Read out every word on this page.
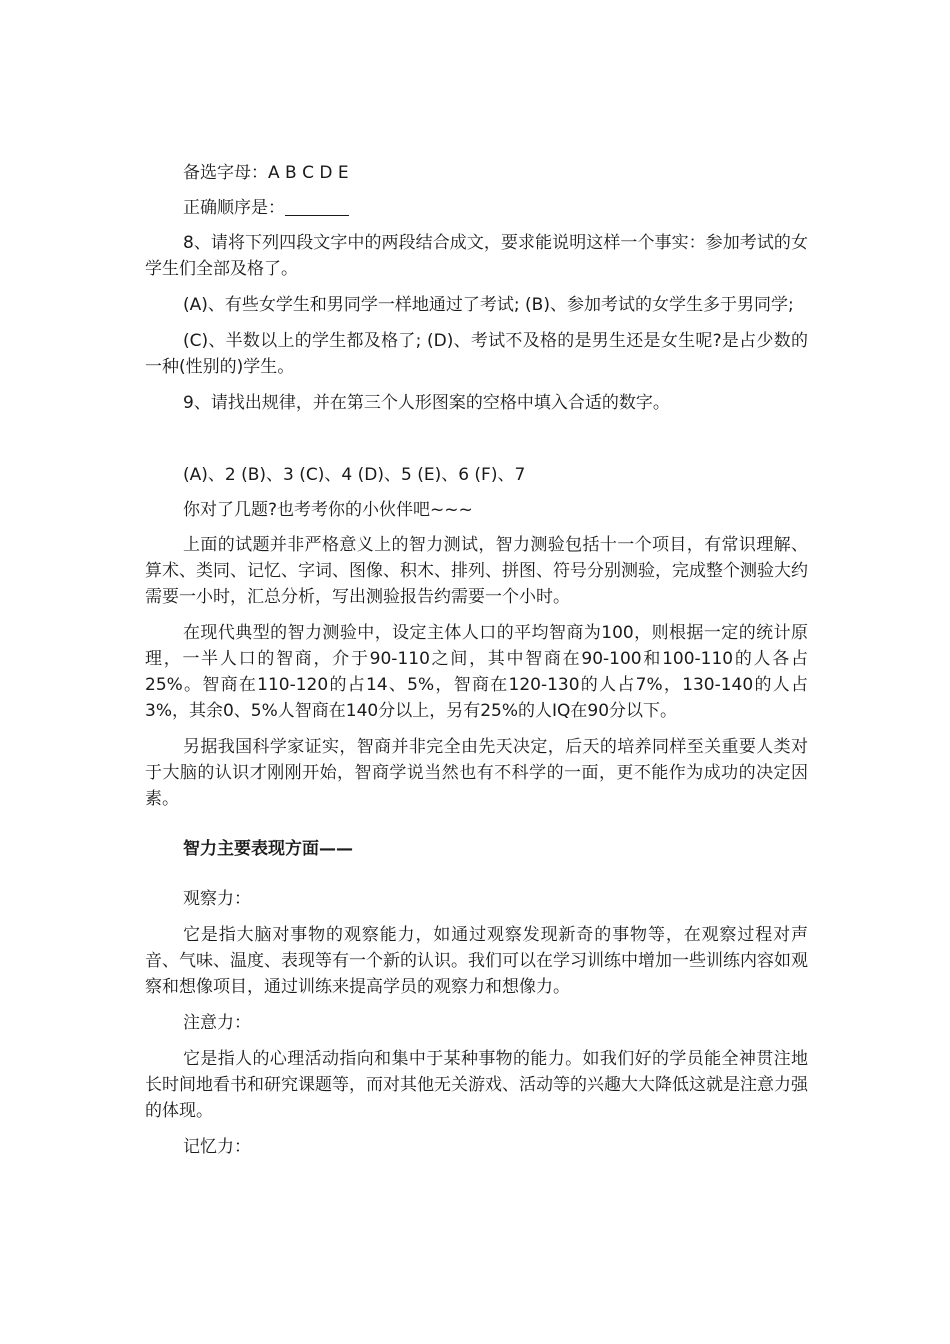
备选字母：A B C D E

正确顺序是：

8、请将下列四段文字中的两段结合成文，要求能说明这样一个事实：参加考试的女学生们全部及格了。

(A)、有些女学生和男同学一样地通过了考试; (B)、参加考试的女学生多于男同学;

(C)、半数以上的学生都及格了; (D)、考试不及格的是男生还是女生呢?是占少数的一种(性别的)学生。

9、请找出规律，并在第三个人形图案的空格中填入合适的数字。

(A)、2 (B)、3 (C)、4 (D)、5 (E)、6 (F)、7

你对了几题?也考考你的小伙伴吧~~~

上面的试题并非严格意义上的智力测试，智力测验包括十一个项目，有常识理解、算术、类同、记忆、字词、图像、积木、排列、拼图、符号分别测验，完成整个测验大约需要一小时，汇总分析，写出测验报告约需要一个小时。

在现代典型的智力测验中，设定主体人口的平均智商为100，则根据一定的统计原理，一半人口的智商，介于90-110之间，其中智商在90-100和100-110的人各占25%。智商在110-120的占14、5%，智商在120-130的人占7%，130-140的人占3%，其余0、5%人智商在140分以上，另有25%的人IQ在90分以下。

另据我国科学家证实，智商并非完全由先天决定，后天的培养同样至关重要人类对于大脑的认识才刚刚开始，智商学说当然也有不科学的一面，更不能作为成功的决定因素。

智力主要表现方面——

观察力：

它是指大脑对事物的观察能力，如通过观察发现新奇的事物等，在观察过程对声音、气味、温度、表现等有一个新的认识。我们可以在学习训练中增加一些训练内容如观察和想像项目，通过训练来提高学员的观察力和想像力。

注意力：

它是指人的心理活动指向和集中于某种事物的能力。如我们好的学员能全神贯注地长时间地看书和研究课题等，而对其他无关游戏、活动等的兴趣大大降低这就是注意力强的体现。

记忆力：
